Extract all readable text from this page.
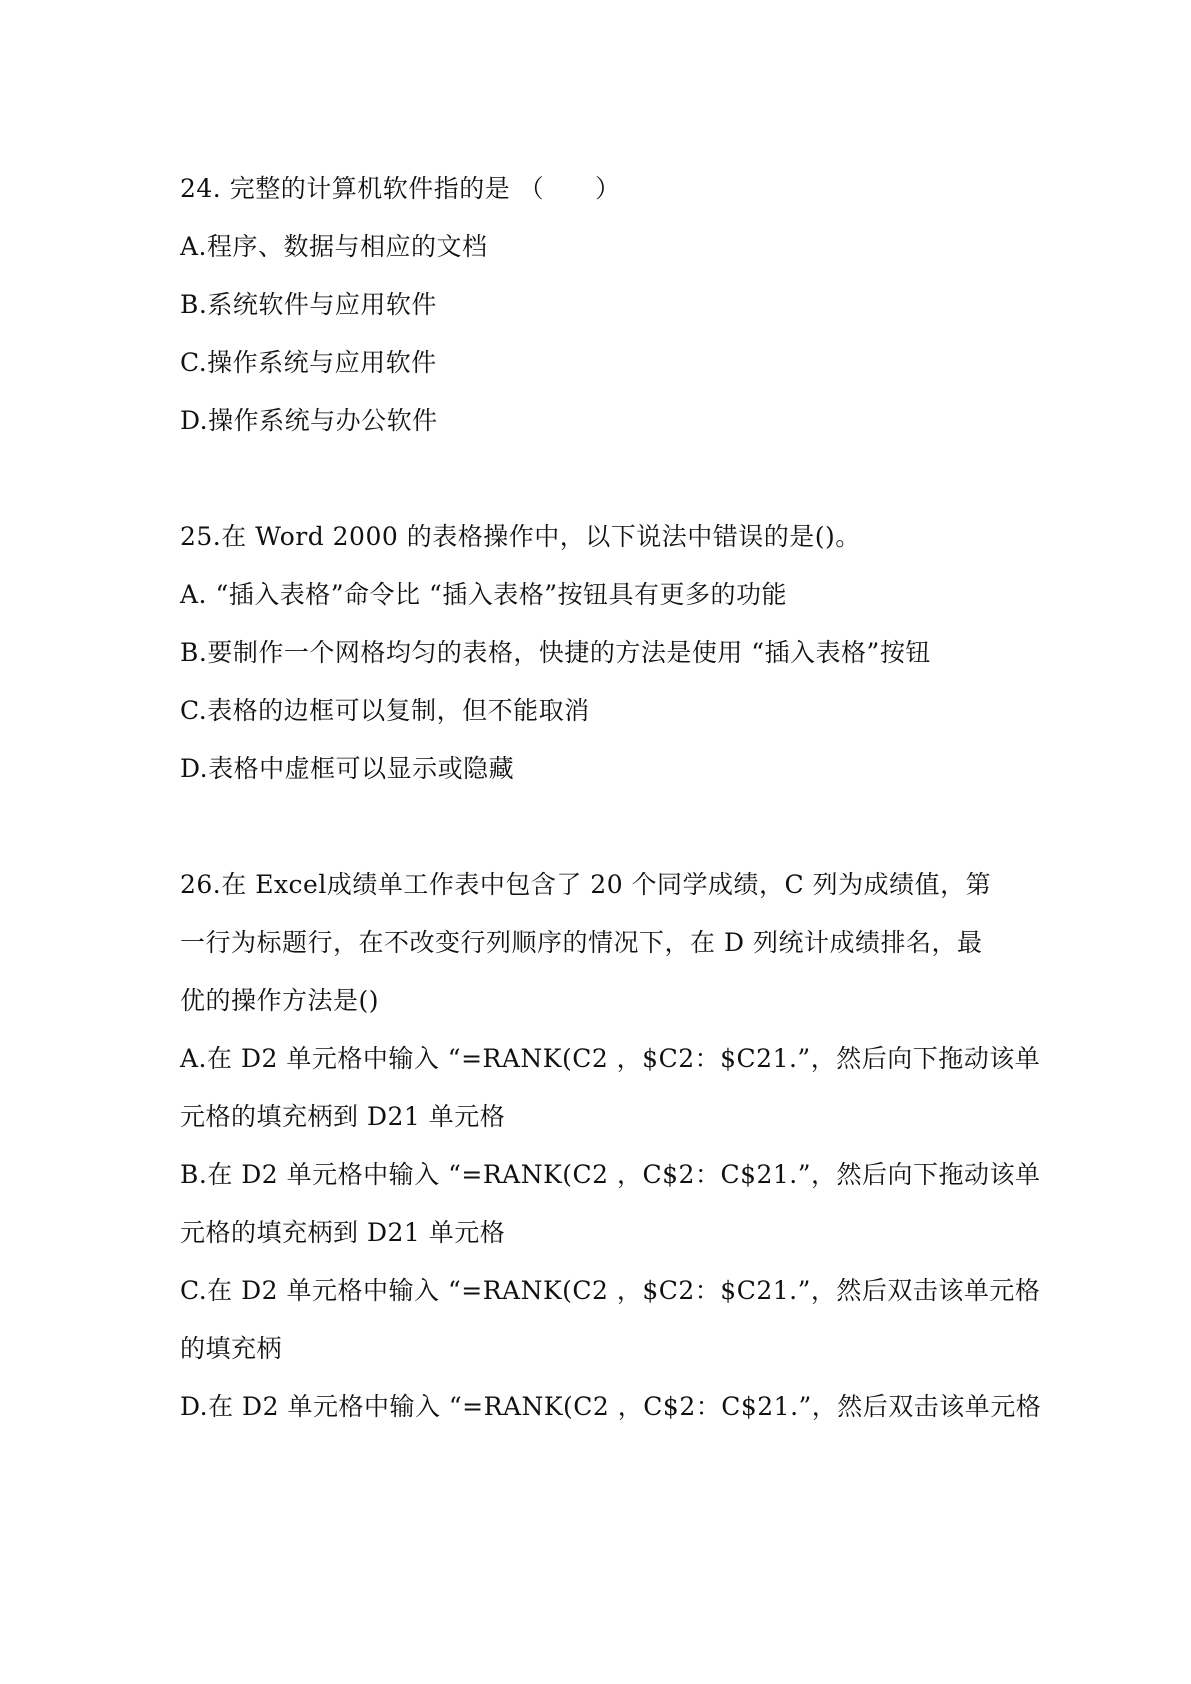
24. 完整的计算机软件指的是 （　　）
A.程序、数据与相应的文档
B.系统软件与应用软件
C.操作系统与应用软件
D.操作系统与办公软件
25.在 Word 2000 的表格操作中，以下说法中错误的是()。
A. “插入表格”命令比 “插入表格”按钮具有更多的功能
B.要制作一个网格均匀的表格，快捷的方法是使用 “插入表格”按钮
C.表格的边框可以复制，但不能取消
D.表格中虚框可以显示或隐藏
26.在 Excel成绩单工作表中包含了 20 个同学成绩，C 列为成绩值，第
一行为标题行，在不改变行列顺序的情况下，在 D 列统计成绩排名，最
优的操作方法是()
A.在 D2 单元格中输入 “=RANK(C2 ，$C2：$C21.”，然后向下拖动该单
元格的填充柄到 D21 单元格
B.在 D2 单元格中输入 “=RANK(C2 ，C$2：C$21.”，然后向下拖动该单
元格的填充柄到 D21 单元格
C.在 D2 单元格中输入 “=RANK(C2 ，$C2：$C21.”，然后双击该单元格
的填充柄
D.在 D2 单元格中输入 “=RANK(C2 ，C$2：C$21.”，然后双击该单元格
